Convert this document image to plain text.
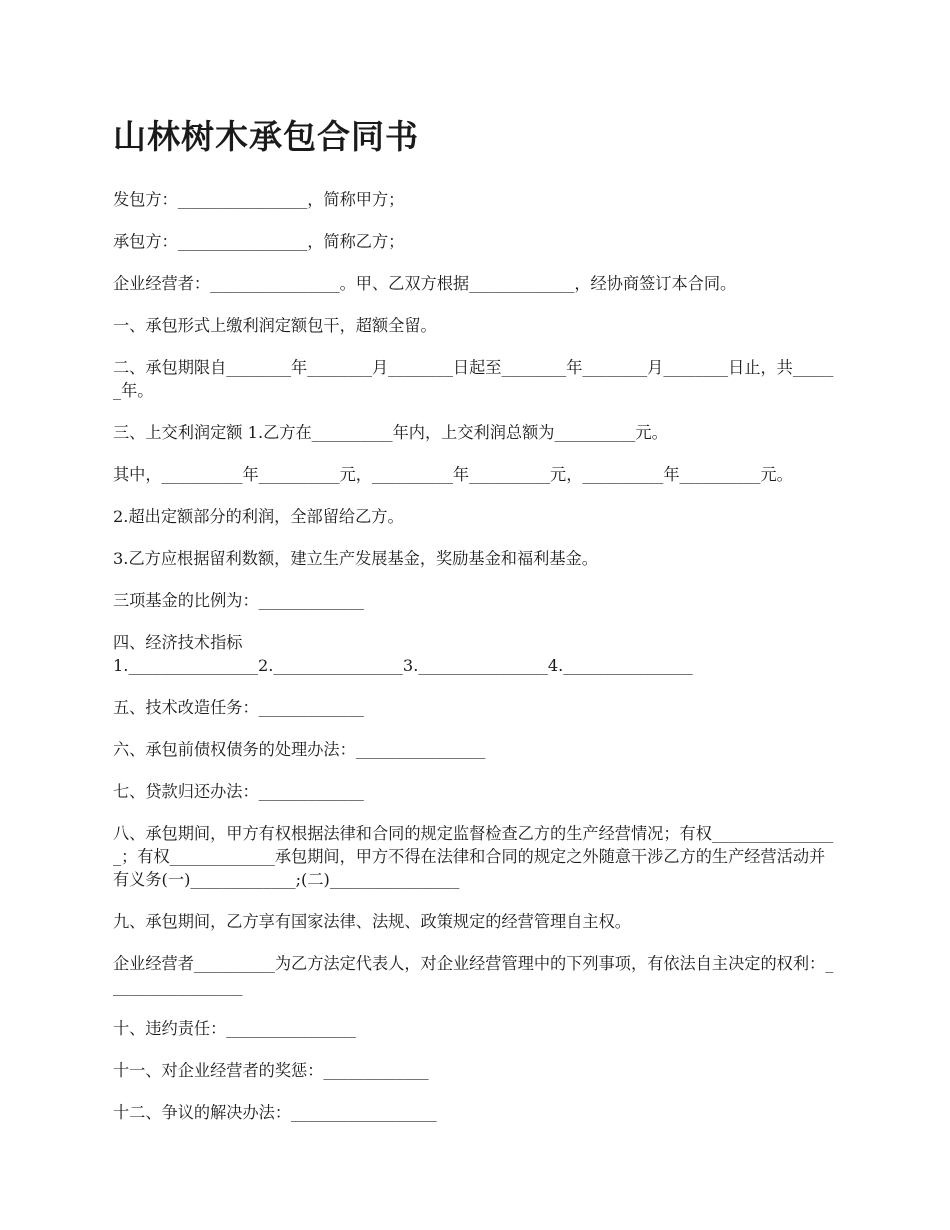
山林树木承包合同书

发包方：________________，简称甲方；

承包方：________________，简称乙方；

企业经营者：________________。甲、乙双方根据_____________，经协商签订本合同。

一、承包形式上缴利润定额包干，超额全留。

二、承包期限自________年________月________日起至________年________月________日止，共______年。

三、上交利润定额 1.乙方在__________年内，上交利润总额为__________元。

其中，__________年__________元，__________年__________元，__________年__________元。

2.超出定额部分的利润，全部留给乙方。

3.乙方应根据留利数额，建立生产发展基金，奖励基金和福利基金。

三项基金的比例为：_____________

四、经济技术指标
1.________________2.________________3.________________4.________________

五、技术改造任务：_____________

六、承包前债权债务的处理办法：________________

七、贷款归还办法：_____________

八、承包期间，甲方有权根据法律和合同的规定监督检查乙方的生产经营情况；有权________________；有权_____________承包期间，甲方不得在法律和合同的规定之外随意干涉乙方的生产经营活动并有义务(一)_____________;(二)________________

九、承包期间，乙方享有国家法律、法规、政策规定的经营管理自主权。

企业经营者__________为乙方法定代表人，对企业经营管理中的下列事项，有依法自主决定的权利：_________________

十、违约责任：________________

十一、对企业经营者的奖惩：_____________

十二、争议的解决办法：__________________
